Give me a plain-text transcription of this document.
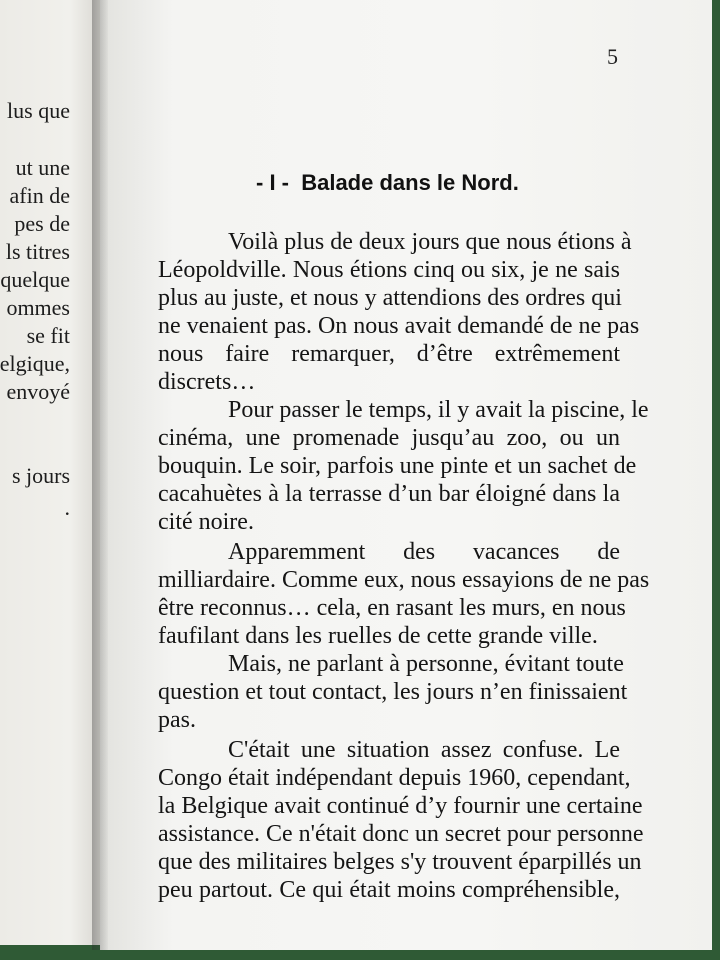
lus que
ut une
afin de
pes de
ls titres
quelque
ommes
se fit
elgique,
envoyé
s jours
.
5
- I -  Balade dans le Nord.
Voilà plus de deux jours que nous étions à
Léopoldville. Nous étions cinq ou six, je ne sais
plus au juste, et nous y attendions des ordres qui
ne venaient pas. On nous avait demandé de ne pas
nous faire remarquer, d’être extrêmement
discrets…
Pour passer le temps, il y avait la piscine, le
cinéma, une promenade jusqu’au zoo, ou un
bouquin. Le soir, parfois une pinte et un sachet de
cacahuètes à la terrasse d’un bar éloigné dans la
cité noire.
Apparemment des vacances de
milliardaire. Comme eux, nous essayions de ne pas
être reconnus… cela, en rasant les murs, en nous
faufilant dans les ruelles de cette grande ville.
Mais, ne parlant à personne, évitant toute
question et tout contact, les jours n’en finissaient
pas.
C'était une situation assez confuse. Le
Congo était indépendant depuis 1960, cependant,
la Belgique avait continué d’y fournir une certaine
assistance. Ce n'était donc un secret pour personne
que des militaires belges s'y trouvent éparpillés un
peu partout. Ce qui était moins compréhensible,
